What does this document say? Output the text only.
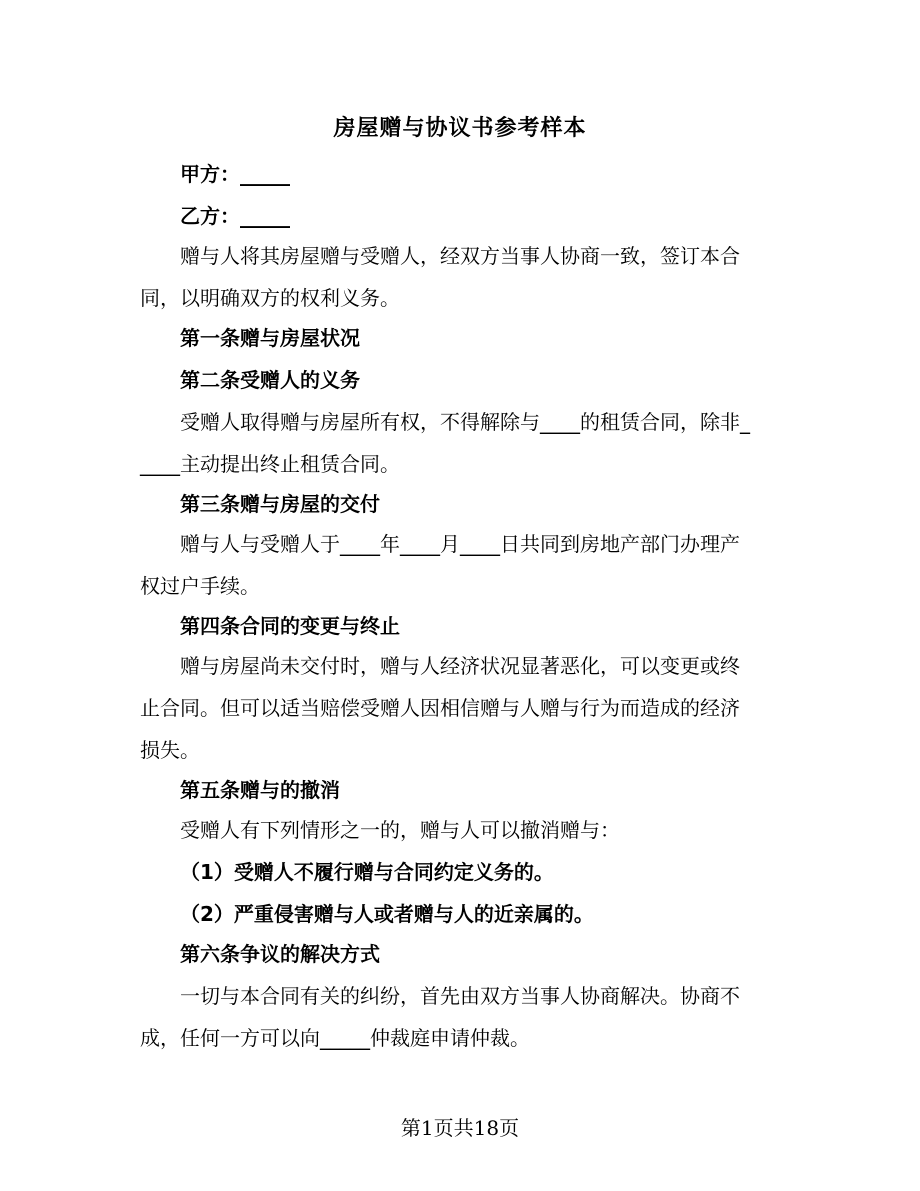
房屋赠与协议书参考样本
甲方：_____
乙方：_____
赠与人将其房屋赠与受赠人，经双方当事人协商一致，签订本合
同，以明确双方的权利义务。
第一条赠与房屋状况
第二条受赠人的义务
受赠人取得赠与房屋所有权，不得解除与____的租赁合同，除非_
____主动提出终止租赁合同。
第三条赠与房屋的交付
赠与人与受赠人于____年____月____日共同到房地产部门办理产
权过户手续。
第四条合同的变更与终止
赠与房屋尚未交付时，赠与人经济状况显著恶化，可以变更或终
止合同。但可以适当赔偿受赠人因相信赠与人赠与行为而造成的经济
损失。
第五条赠与的撤消
受赠人有下列情形之一的，赠与人可以撤消赠与：
（1）受赠人不履行赠与合同约定义务的。
（2）严重侵害赠与人或者赠与人的近亲属的。
第六条争议的解决方式
一切与本合同有关的纠纷，首先由双方当事人协商解决。协商不
成，任何一方可以向_____仲裁庭申请仲裁。
第1页共18页
